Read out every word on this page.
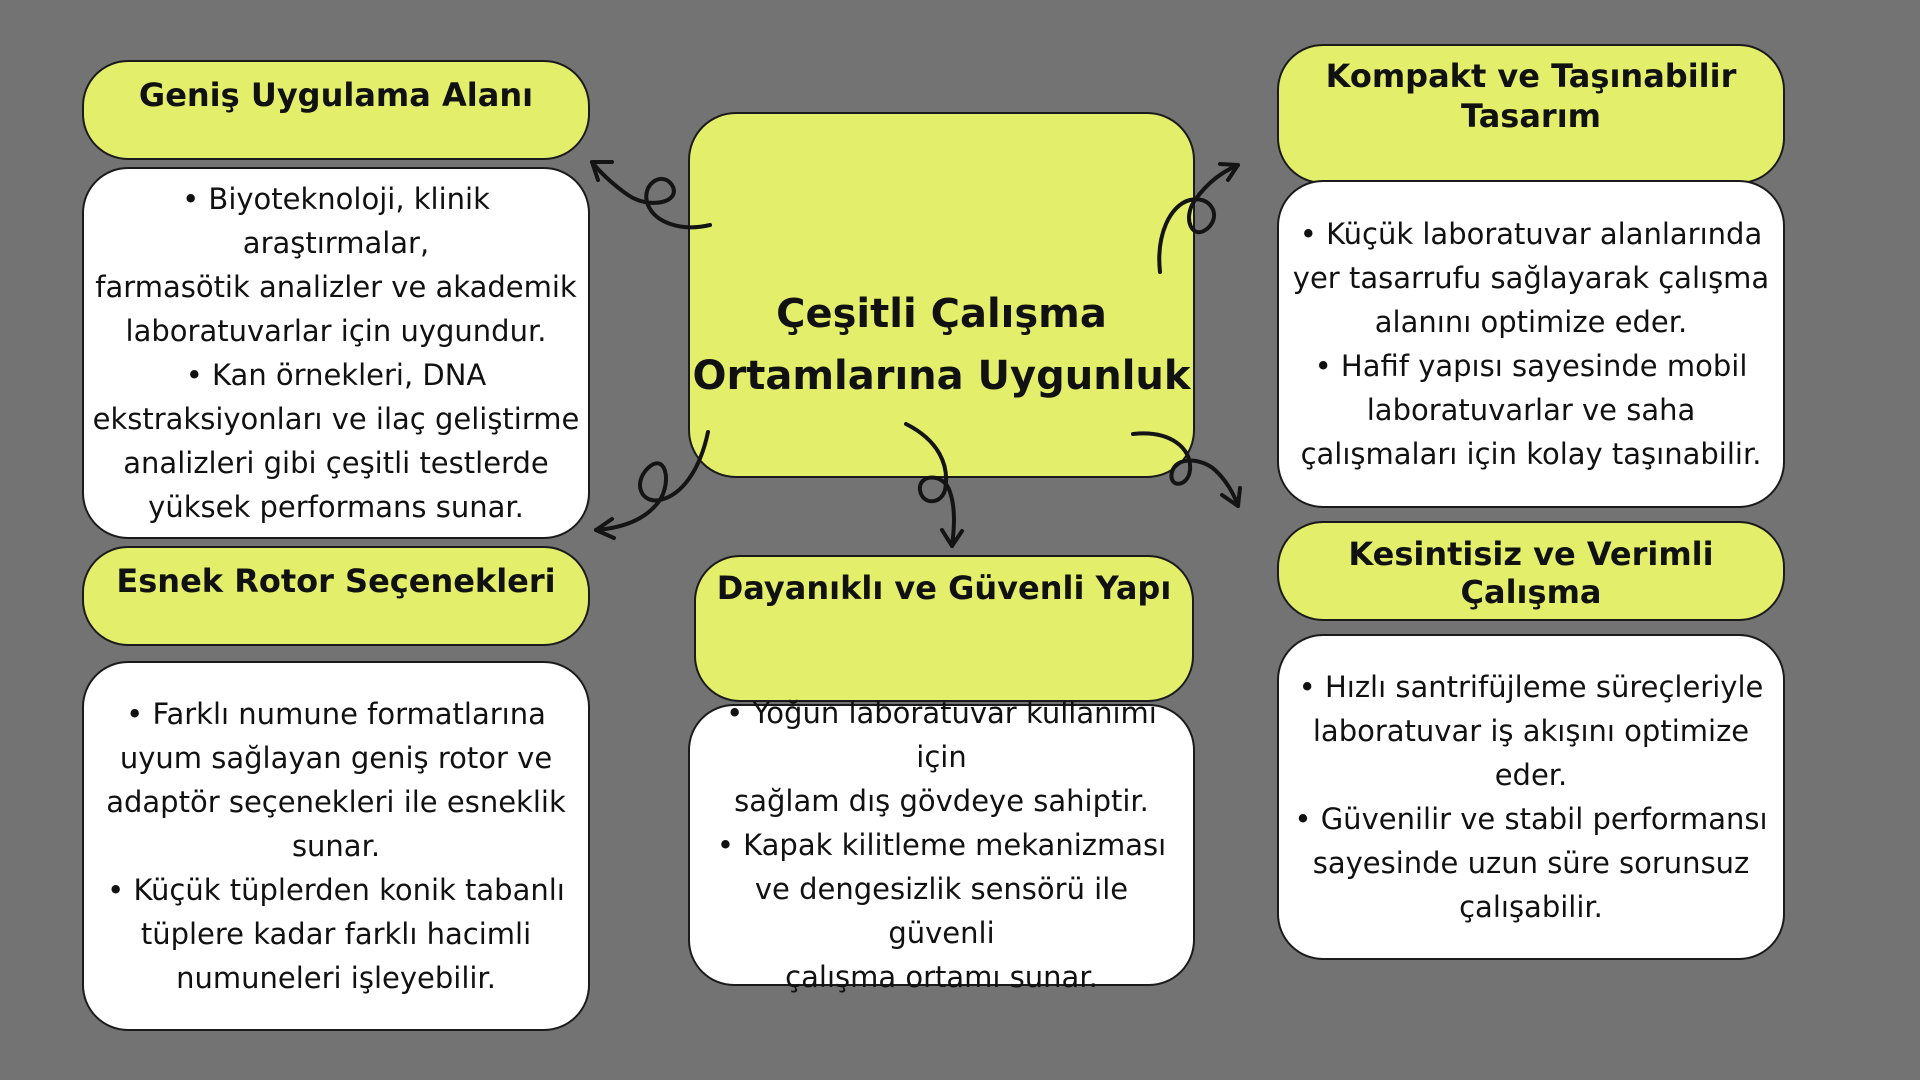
Çeşitli Çalışma
Ortamlarına Uygunluk
Geniş Uygulama Alanı

• Biyoteknoloji, klinik araştırmalar,

farmasötik analizler ve akademik

laboratuvarlar için uygundur.

• Kan örnekleri, DNA

ekstraksiyonları ve ilaç geliştirme

analizleri gibi çeşitli testlerde

yüksek performans sunar.

Esnek Rotor Seçenekleri

• Farklı numune formatlarına

uyum sağlayan geniş rotor ve

adaptör seçenekleri ile esneklik

sunar.

• Küçük tüplerden konik tabanlı

tüplere kadar farklı hacimli

numuneleri işleyebilir.

Dayanıklı ve Güvenli Yapı

• Yoğun laboratuvar kullanımı için

sağlam dış gövdeye sahiptir.

• Kapak kilitleme mekanizması

ve dengesizlik sensörü ile güvenli

çalışma ortamı sunar.

Kompakt ve Taşınabilir
Tasarım

• Küçük laboratuvar alanlarında

yer tasarrufu sağlayarak çalışma

alanını optimize eder.

• Hafif yapısı sayesinde mobil

laboratuvarlar ve saha

çalışmaları için kolay taşınabilir.

Kesintisiz ve Verimli Çalışma

• Hızlı santrifüjleme süreçleriyle

laboratuvar iş akışını optimize

eder.

• Güvenilir ve stabil performansı

sayesinde uzun süre sorunsuz

çalışabilir.
